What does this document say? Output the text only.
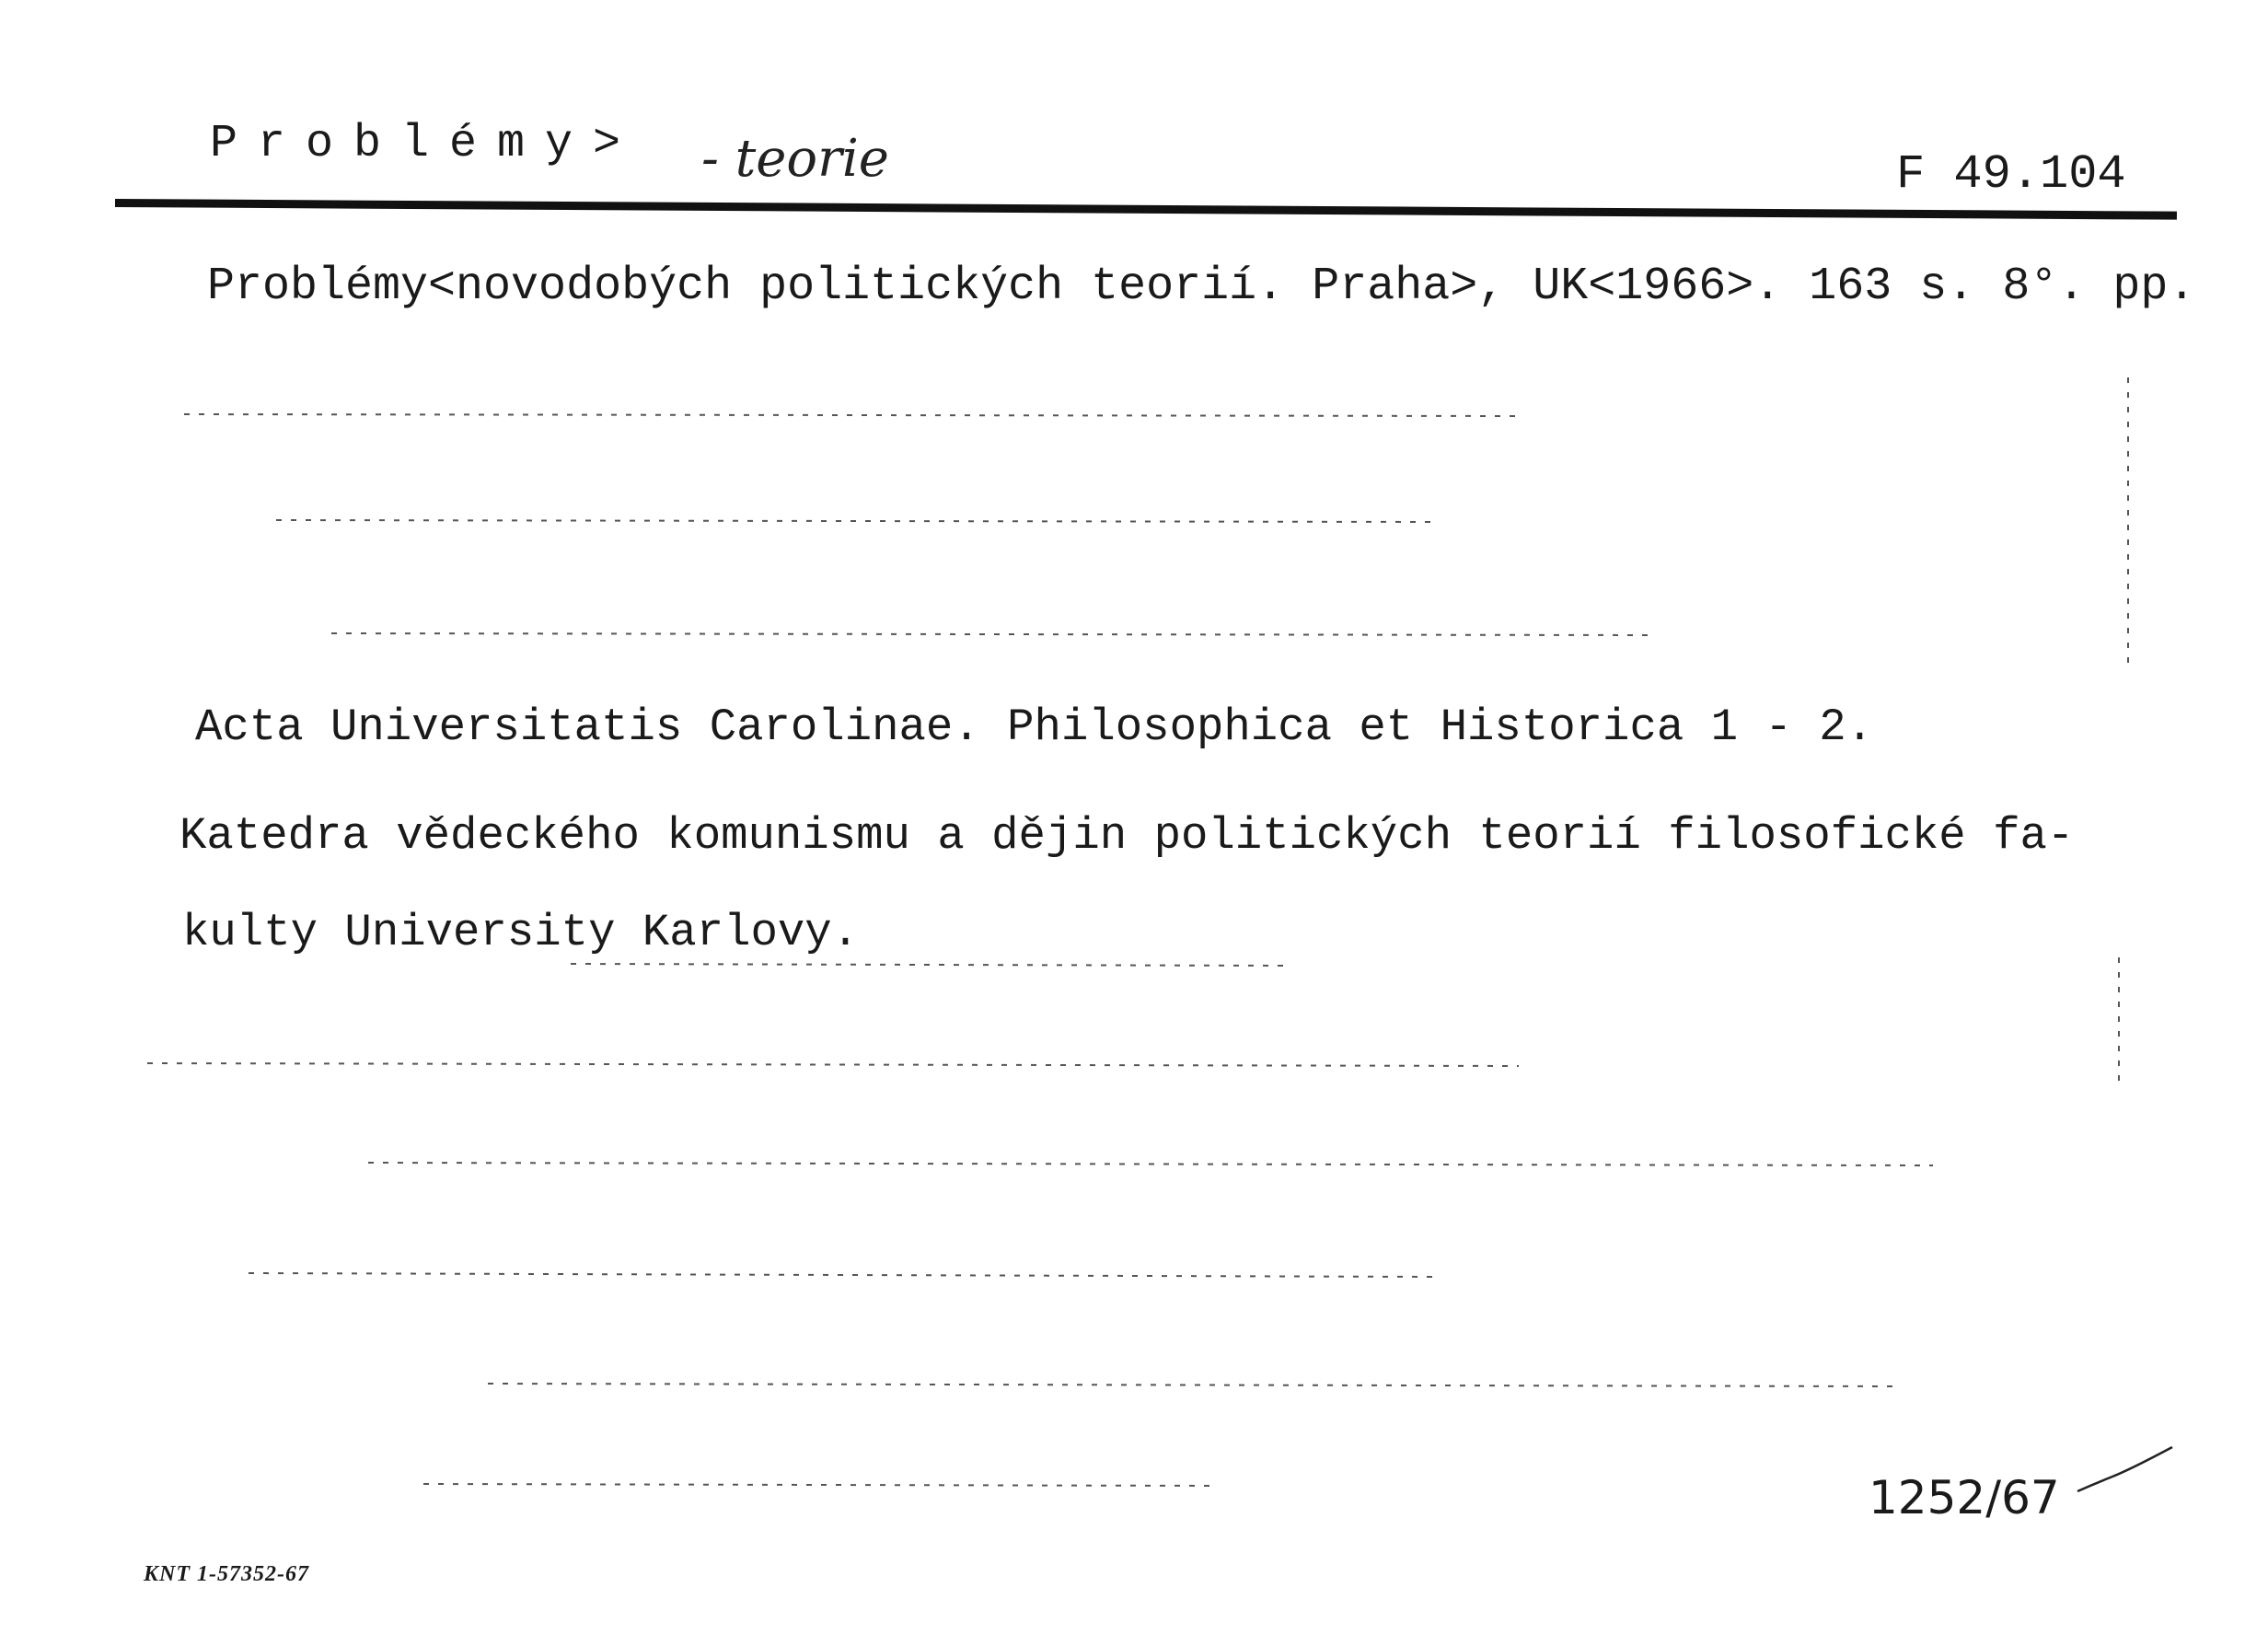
Problémy> - teorie	F 49.104
Problémy<novodobých politických teorií. Praha>, UK<1966>. 163 s. 8°. pp.
Acta Universitatis Carolinae. Philosophica et Historica 1 - 2.
Katedra vědeckého komunismu a dějin politických teorií filosofické fa-
kulty University Karlovy.
1252/67
KNT 1-57352-67
